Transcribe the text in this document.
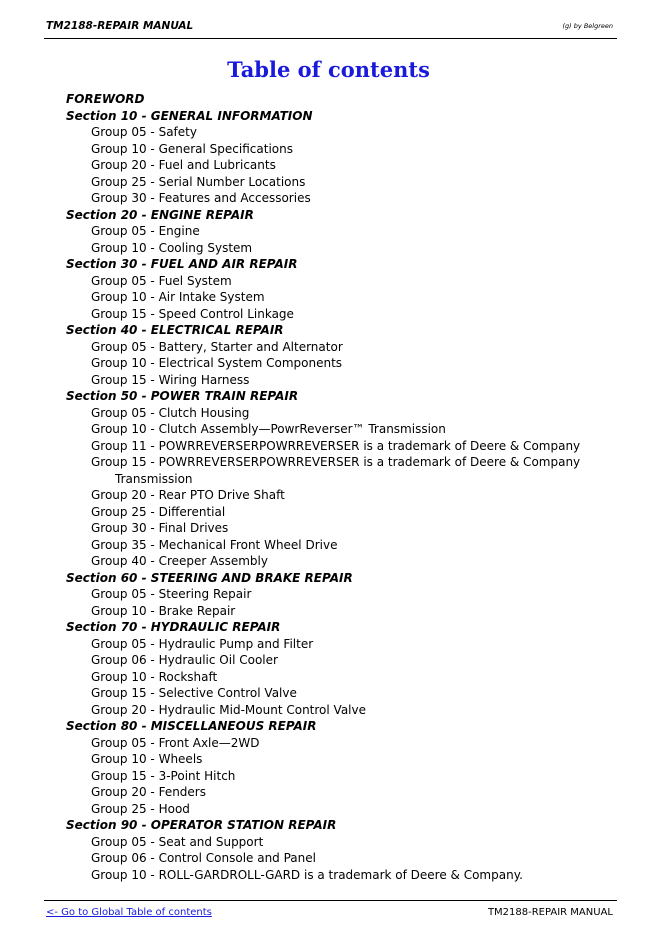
TM2188-REPAIR MANUAL	(g) by Belgreen
Table of contents
FOREWORD
Section 10 - GENERAL INFORMATION
Group 05 - Safety
Group 10 - General Specifications
Group 20 - Fuel and Lubricants
Group 25 - Serial Number Locations
Group 30 - Features and Accessories
Section 20 - ENGINE REPAIR
Group 05 - Engine
Group 10 - Cooling System
Section 30 - FUEL AND AIR REPAIR
Group 05 - Fuel System
Group 10 - Air Intake System
Group 15 - Speed Control Linkage
Section 40 - ELECTRICAL REPAIR
Group 05 - Battery, Starter and Alternator
Group 10 - Electrical System Components
Group 15 - Wiring Harness
Section 50 - POWER TRAIN REPAIR
Group 05 - Clutch Housing
Group 10 - Clutch Assembly—PowrReverser™ Transmission
Group 11 - POWRREVERSERPOWRREVERSER is a trademark of Deere & Company
Group 15 - POWRREVERSERPOWRREVERSER is a trademark of Deere & Company
Transmission
Group 20 - Rear PTO Drive Shaft
Group 25 - Differential
Group 30 - Final Drives
Group 35 - Mechanical Front Wheel Drive
Group 40 - Creeper Assembly
Section 60 - STEERING AND BRAKE REPAIR
Group 05 - Steering Repair
Group 10 - Brake Repair
Section 70 - HYDRAULIC REPAIR
Group 05 - Hydraulic Pump and Filter
Group 06 - Hydraulic Oil Cooler
Group 10 - Rockshaft
Group 15 - Selective Control Valve
Group 20 - Hydraulic Mid-Mount Control Valve
Section 80 - MISCELLANEOUS REPAIR
Group 05 - Front Axle—2WD
Group 10 - Wheels
Group 15 - 3-Point Hitch
Group 20 - Fenders
Group 25 - Hood
Section 90 - OPERATOR STATION REPAIR
Group 05 - Seat and Support
Group 06 - Control Console and Panel
Group 10 - ROLL-GARDROLL-GARD is a trademark of Deere & Company.
<- Go to Global Table of contents	TM2188-REPAIR MANUAL
